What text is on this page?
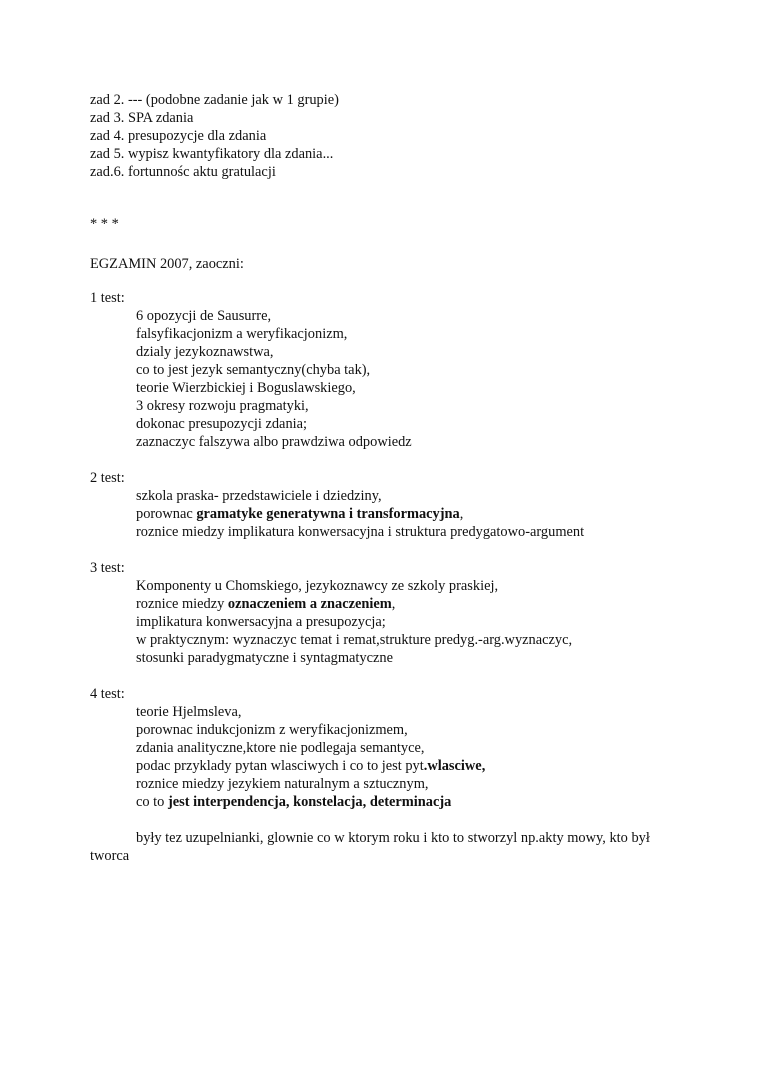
zad 2. --- (podobne zadanie jak w 1 grupie)
zad 3. SPA zdania
zad 4. presupozycje dla zdania
zad 5. wypisz kwantyfikatory dla zdania...
zad.6. fortunnośc aktu gratulacji
* * *
EGZAMIN 2007, zaoczni:
1 test:
6 opozycji de Sausurre,
falsyfikacjonizm a weryfikacjonizm,
dzialy jezykoznawstwa,
co to jest jezyk semantyczny(chyba tak),
teorie Wierzbickiej i Boguslawskiego,
3 okresy rozwoju pragmatyki,
dokonac presupozycji zdania;
zaznaczyc falszywa albo prawdziwa odpowiedz
2 test:
szkola praska- przedstawiciele i dziedziny,
porownac gramatyke generatywna i transformacyjna,
roznice miedzy implikatura konwersacyjna i struktura predygatowo-argument
3 test:
Komponenty u Chomskiego, jezykoznawcy ze szkoly praskiej,
roznice miedzy oznaczeniem a znaczeniem,
implikatura konwersacyjna a presupozycja;
w praktycznym: wyznaczyc temat i remat,strukture predyg.-arg.wyznaczyc,
stosunki paradygmatyczne i syntagmatyczne
4 test:
teorie Hjelmsleva,
porownac indukcjonizm z weryfikacjonizmem,
zdania analityczne,ktore nie podlegaja semantyce,
podac przyklady pytan wlasciwych i co to jest pyt.wlasciwe,
roznice miedzy jezykiem naturalnym a sztucznym,
co to jest interpendencja, konstelacja, determinacja
były tez uzupelnianki, glownie co w ktorym roku i kto to stworzyl np.akty mowy, kto był tworca
